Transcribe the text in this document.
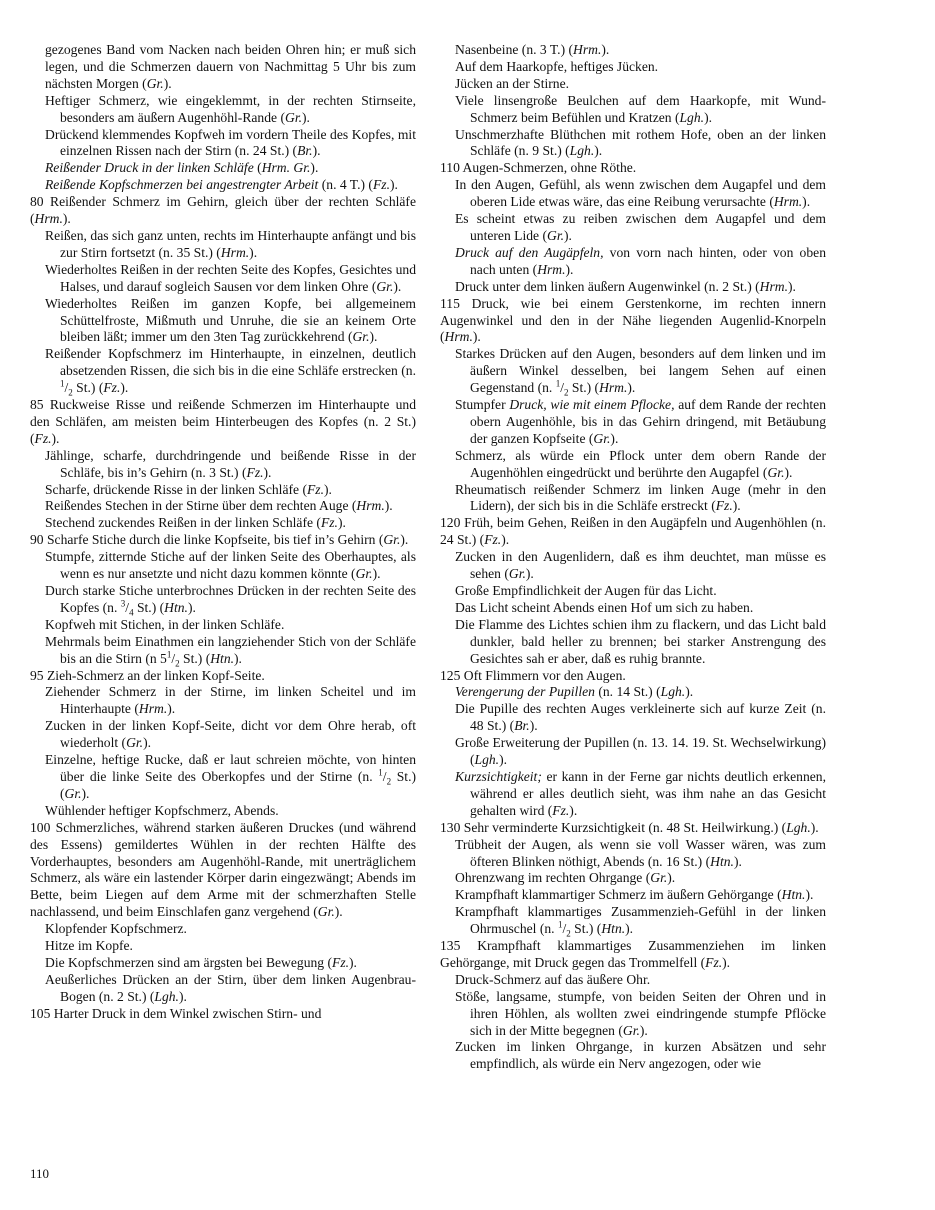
gezogenes Band vom Nacken nach beiden Ohren hin; er muß sich legen, und die Schmerzen dauern von Nachmittag 5 Uhr bis zum nächsten Morgen (Gr.).
Heftiger Schmerz, wie eingeklemmt, in der rechten Stirnseite, besonders am äußern Augenhöhl-Rande (Gr.).
Drückend klemmendes Kopfweh im vordern Theile des Kopfes, mit einzelnen Rissen nach der Stirn (n. 24 St.) (Br.).
Reißender Druck in der linken Schläfe (Hrm. Gr.).
Reißende Kopfschmerzen bei angestrengter Arbeit (n. 4 T.) (Fz.).
80 Reißender Schmerz im Gehirn, gleich über der rechten Schläfe (Hrm.).
Reißen, das sich ganz unten, rechts im Hinterhaupte anfängt und bis zur Stirn fortsetzt (n. 35 St.) (Hrm.).
Wiederholtes Reißen in der rechten Seite des Kopfes, Gesichtes und Halses, und darauf sogleich Sausen vor dem linken Ohre (Gr.).
Wiederholtes Reißen im ganzen Kopfe, bei allgemeinem Schüttelfroste, Mißmuth und Unruhe, die sie an keinem Orte bleiben läßt; immer um den 3ten Tag zurückkehrend (Gr.).
Reißender Kopfschmerz im Hinterhaupte, in einzelnen, deutlich absetzenden Rissen, die sich bis in die eine Schläfe erstrecken (n. $^1/_2$ St.) (Fz.).
85 Ruckweise Risse und reißende Schmerzen im Hinterhaupte und den Schläfen, am meisten beim Hinterbeugen des Kopfes (n. 2 St.) (Fz.).
Jählinge, scharfe, durchdringende und beißende Risse in der Schläfe, bis in’s Gehirn (n. 3 St.) (Fz.).
Scharfe, drückende Risse in der linken Schläfe (Fz.).
Reißendes Stechen in der Stirne über dem rechten Auge (Hrm.).
Stechend zuckendes Reißen in der linken Schläfe (Fz.).
90 Scharfe Stiche durch die linke Kopfseite, bis tief in’s Gehirn (Gr.).
Stumpfe, zitternde Stiche auf der linken Seite des Oberhauptes, als wenn es nur ansetzte und nicht dazu kommen könnte (Gr.).
Durch starke Stiche unterbrochnes Drücken in der rechten Seite des Kopfes (n. $^3/_4$ St.) (Htn.).
Kopfweh mit Stichen, in der linken Schläfe.
Mehrmals beim Einathmen ein langziehender Stich von der Schläfe bis an die Stirn (n $5^1/_2$ St.) (Htn.).
95 Zieh-Schmerz an der linken Kopf-Seite.
Ziehender Schmerz in der Stirne, im linken Scheitel und im Hinterhaupte (Hrm.).
Zucken in der linken Kopf-Seite, dicht vor dem Ohre herab, oft wiederholt (Gr.).
Einzelne, heftige Rucke, daß er laut schreien möchte, von hinten über die linke Seite des Oberkopfes und der Stirne (n. $^1/_2$ St.) (Gr.).
Wühlender heftiger Kopfschmerz, Abends.
100 Schmerzliches, während starken äußeren Druckes (und während des Essens) gemildertes Wühlen in der rechten Hälfte des Vorderhauptes, besonders am Augenhöhl-Rande, mit unerträglichem Schmerz, als wäre ein lastender Körper darin eingezwängt; Abends im Bette, beim Liegen auf dem Arme mit der schmerzhaften Stelle nachlassend, und beim Einschlafen ganz vergehend (Gr.).
Klopfender Kopfschmerz.
Hitze im Kopfe.
Die Kopfschmerzen sind am ärgsten bei Bewegung (Fz.).
Aeußerliches Drücken an der Stirn, über dem linken Augenbrau-Bogen (n. 2 St.) (Lgh.).
105 Harter Druck in dem Winkel zwischen Stirn- und
Nasenbeine (n. 3 T.) (Hrm.).
Auf dem Haarkopfe, heftiges Jücken.
Jücken an der Stirne.
Viele linsengroße Beulchen auf dem Haarkopfe, mit Wund-Schmerz beim Befühlen und Kratzen (Lgh.).
Unschmerzhafte Blüthchen mit rothem Hofe, oben an der linken Schläfe (n. 9 St.) (Lgh.).
110 Augen-Schmerzen, ohne Röthe.
In den Augen, Gefühl, als wenn zwischen dem Augapfel und dem oberen Lide etwas wäre, das eine Reibung verursachte (Hrm.).
Es scheint etwas zu reiben zwischen dem Augapfel und dem unteren Lide (Gr.).
Druck auf den Augäpfeln, von vorn nach hinten, oder von oben nach unten (Hrm.).
Druck unter dem linken äußern Augenwinkel (n. 2 St.) (Hrm.).
115 Druck, wie bei einem Gerstenkorne, im rechten innern Augenwinkel und den in der Nähe liegenden Augenlid-Knorpeln (Hrm.).
Starkes Drücken auf den Augen, besonders auf dem linken und im äußern Winkel desselben, bei langem Sehen auf einen Gegenstand (n. $^1/_2$ St.) (Hrm.).
Stumpfer Druck, wie mit einem Pflocke, auf dem Rande der rechten obern Augenhöhle, bis in das Gehirn dringend, mit Betäubung der ganzen Kopfseite (Gr.).
Schmerz, als würde ein Pflock unter dem obern Rande der Augenhöhlen eingedrückt und berührte den Augapfel (Gr.).
Rheumatisch reißender Schmerz im linken Auge (mehr in den Lidern), der sich bis in die Schläfe erstreckt (Fz.).
120 Früh, beim Gehen, Reißen in den Augäpfeln und Augenhöhlen (n. 24 St.) (Fz.).
Zucken in den Augenlidern, daß es ihm deuchtet, man müsse es sehen (Gr.).
Große Empfindlichkeit der Augen für das Licht.
Das Licht scheint Abends einen Hof um sich zu haben.
Die Flamme des Lichtes schien ihm zu flackern, und das Licht bald dunkler, bald heller zu brennen; bei starker Anstrengung des Gesichtes sah er aber, daß es ruhig brannte.
125 Oft Flimmern vor den Augen.
Verengerung der Pupillen (n. 14 St.) (Lgh.).
Die Pupille des rechten Auges verkleinerte sich auf kurze Zeit (n. 48 St.) (Br.).
Große Erweiterung der Pupillen (n. 13. 14. 19. St. Wechselwirkung) (Lgh.).
Kurzsichtigkeit; er kann in der Ferne gar nichts deutlich erkennen, während er alles deutlich sieht, was ihm nahe an das Gesicht gehalten wird (Fz.).
130 Sehr verminderte Kurzsichtigkeit (n. 48 St. Heilwirkung.) (Lgh.).
Trübheit der Augen, als wenn sie voll Wasser wären, was zum öfteren Blinken nöthigt, Abends (n. 16 St.) (Htn.).
Ohrenzwang im rechten Ohrgange (Gr.).
Krampfhaft klammartiger Schmerz im äußern Gehörgange (Htn.).
Krampfhaft klammartiges Zusammenzieh-Gefühl in der linken Ohrmuschel (n. $^1/_2$ St.) (Htn.).
135 Krampfhaft klammartiges Zusammenziehen im linken Gehörgange, mit Druck gegen das Trommelfell (Fz.).
Druck-Schmerz auf das äußere Ohr.
Stöße, langsame, stumpfe, von beiden Seiten der Ohren und in ihren Höhlen, als wollten zwei eindringende stumpfe Pflöcke sich in der Mitte begegnen (Gr.).
Zucken im linken Ohrgange, in kurzen Absätzen und sehr empfindlich, als würde ein Nerv angezogen, oder wie
110
